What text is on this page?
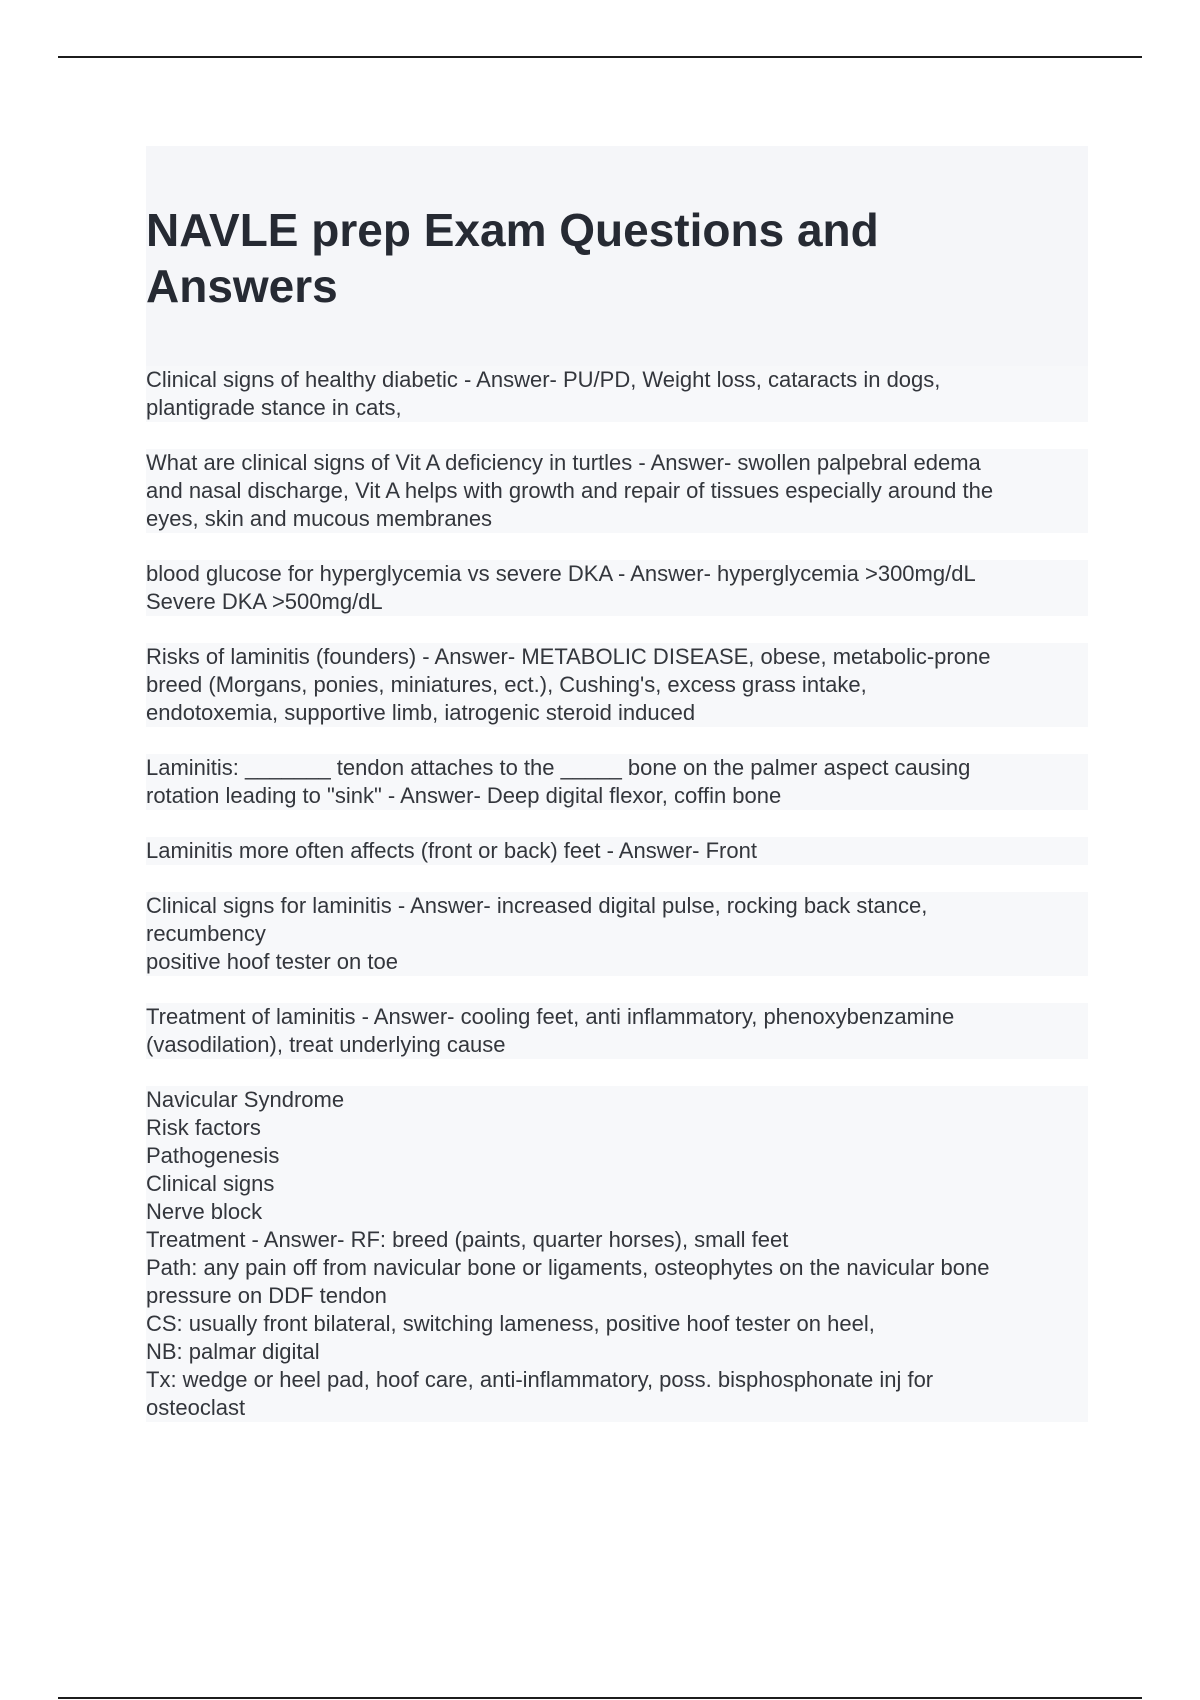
NAVLE prep Exam Questions and
Answers

Clinical signs of healthy diabetic - Answer- PU/PD, Weight loss, cataracts in dogs,
plantigrade stance in cats,

What are clinical signs of Vit A deficiency in turtles - Answer- swollen palpebral edema
and nasal discharge, Vit A helps with growth and repair of tissues especially around the
eyes, skin and mucous membranes

blood glucose for hyperglycemia vs severe DKA - Answer- hyperglycemia >300mg/dL
Severe DKA >500mg/dL

Risks of laminitis (founders) - Answer- METABOLIC DISEASE, obese, metabolic-prone
breed (Morgans, ponies, miniatures, ect.), Cushing's, excess grass intake,
endotoxemia, supportive limb, iatrogenic steroid induced

Laminitis: _______ tendon attaches to the _____ bone on the palmer aspect causing
rotation leading to "sink" - Answer- Deep digital flexor, coffin bone

Laminitis more often affects (front or back) feet - Answer- Front

Clinical signs for laminitis - Answer- increased digital pulse, rocking back stance,
recumbency
positive hoof tester on toe

Treatment of laminitis - Answer- cooling feet, anti inflammatory, phenoxybenzamine
(vasodilation), treat underlying cause

Navicular Syndrome
Risk factors
Pathogenesis
Clinical signs
Nerve block
Treatment - Answer- RF: breed (paints, quarter horses), small feet
Path: any pain off from navicular bone or ligaments, osteophytes on the navicular bone
pressure on DDF tendon
CS: usually front bilateral, switching lameness, positive hoof tester on heel,
NB: palmar digital
Tx: wedge or heel pad, hoof care, anti-inflammatory, poss. bisphosphonate inj for
osteoclast
